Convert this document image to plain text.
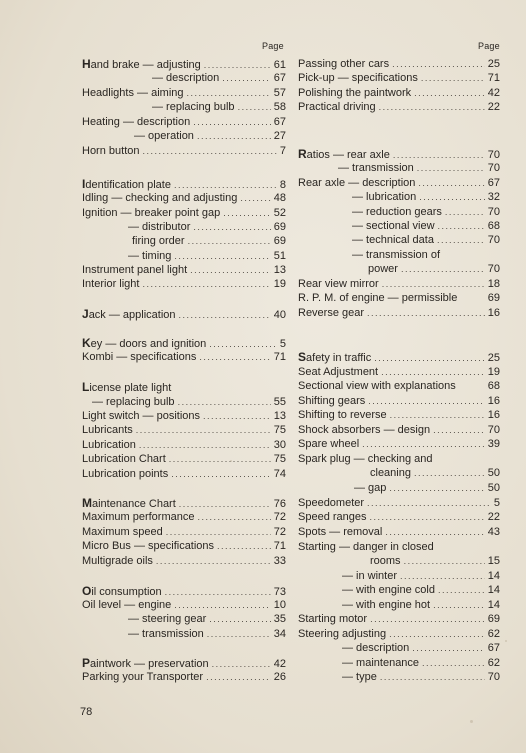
Page	Page
Hand brake — adjusting .....	61
— description .....	67
Headlights — aiming .....	57
— replacing bulb .....	58
Heating — description .....	67
— operation .....	27
Horn button .....	7
Identification plate .....	8
Idling — checking and adjusting .....	48
Ignition — breaker point gap .....	52
— distributor .....	69
firing order .....	69
— timing .....	51
Instrument panel light .....	13
Interior light .....	19
Jack — application .....	40
Key — doors and ignition .....	5
Kombi — specifications .....	71
License plate light
— replacing bulb .....	55
Light switch — positions .....	13
Lubricants .....	75
Lubrication .....	30
Lubrication Chart .....	75
Lubrication points .....	74
Maintenance Chart .....	76
Maximum performance .....	72
Maximum speed .....	72
Micro Bus — specifications .....	71
Multigrade oils .....	33
Oil consumption .....	73
Oil level — engine .....	10
— steering gear .....	35
— transmission .....	34
Paintwork — preservation .....	42
Parking your Transporter .....	26
Passing other cars .....	25
Pick-up — specifications .....	71
Polishing the paintwork .....	42
Practical driving .....	22
Ratios — rear axle .....	70
— transmission .....	70
Rear axle — description .....	67
— lubrication .....	32
— reduction gears .....	70
— sectional view .....	68
— technical data .....	70
— transmission of
power .....	70
Rear view mirror .....	18
R. P. M. of engine — permissible	69
Reverse gear .....	16
Safety in traffic .....	25
Seat Adjustment .....	19
Sectional view with explanations	68
Shifting gears .....	16
Shifting to reverse .....	16
Shock absorbers — design .....	70
Spare wheel .....	39
Spark plug — checking and
cleaning .....	50
— gap .....	50
Speedometer .....	5
Speed ranges .....	22
Spots — removal .....	43
Starting — danger in closed
rooms .....	15
— in winter .....	14
— with engine cold .....	14
— with engine hot .....	14
Starting motor .....	69
Steering adjusting .....	62
— description .....	67
— maintenance .....	62
— type .....	70
78
